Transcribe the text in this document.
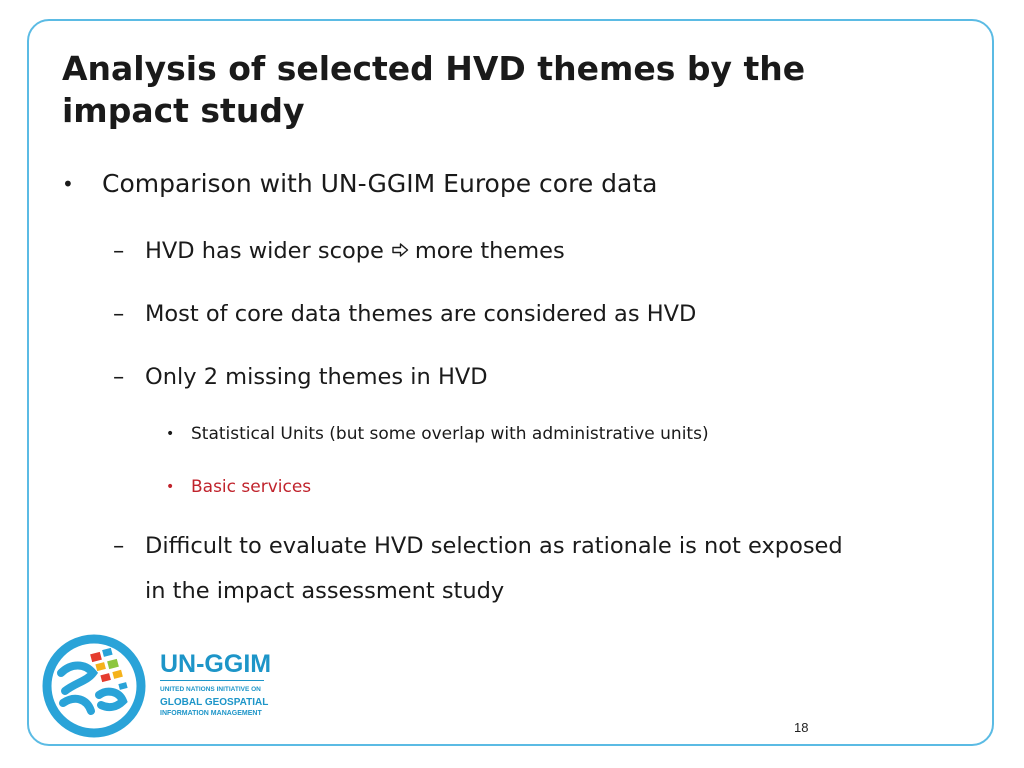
Analysis of selected HVD themes by the impact study
• Comparison with UN-GGIM Europe core data
– HVD has wider scope more themes
– Most of core data themes are considered as HVD
– Only 2 missing themes in HVD
• Statistical Units (but some overlap with administrative units)
• Basic services
– Difficult to evaluate HVD selection as rationale is not exposed
in the impact assessment study
UN-GGIM
UNITED NATIONS INITIATIVE ON
GLOBAL GEOSPATIAL
INFORMATION MANAGEMENT
18
